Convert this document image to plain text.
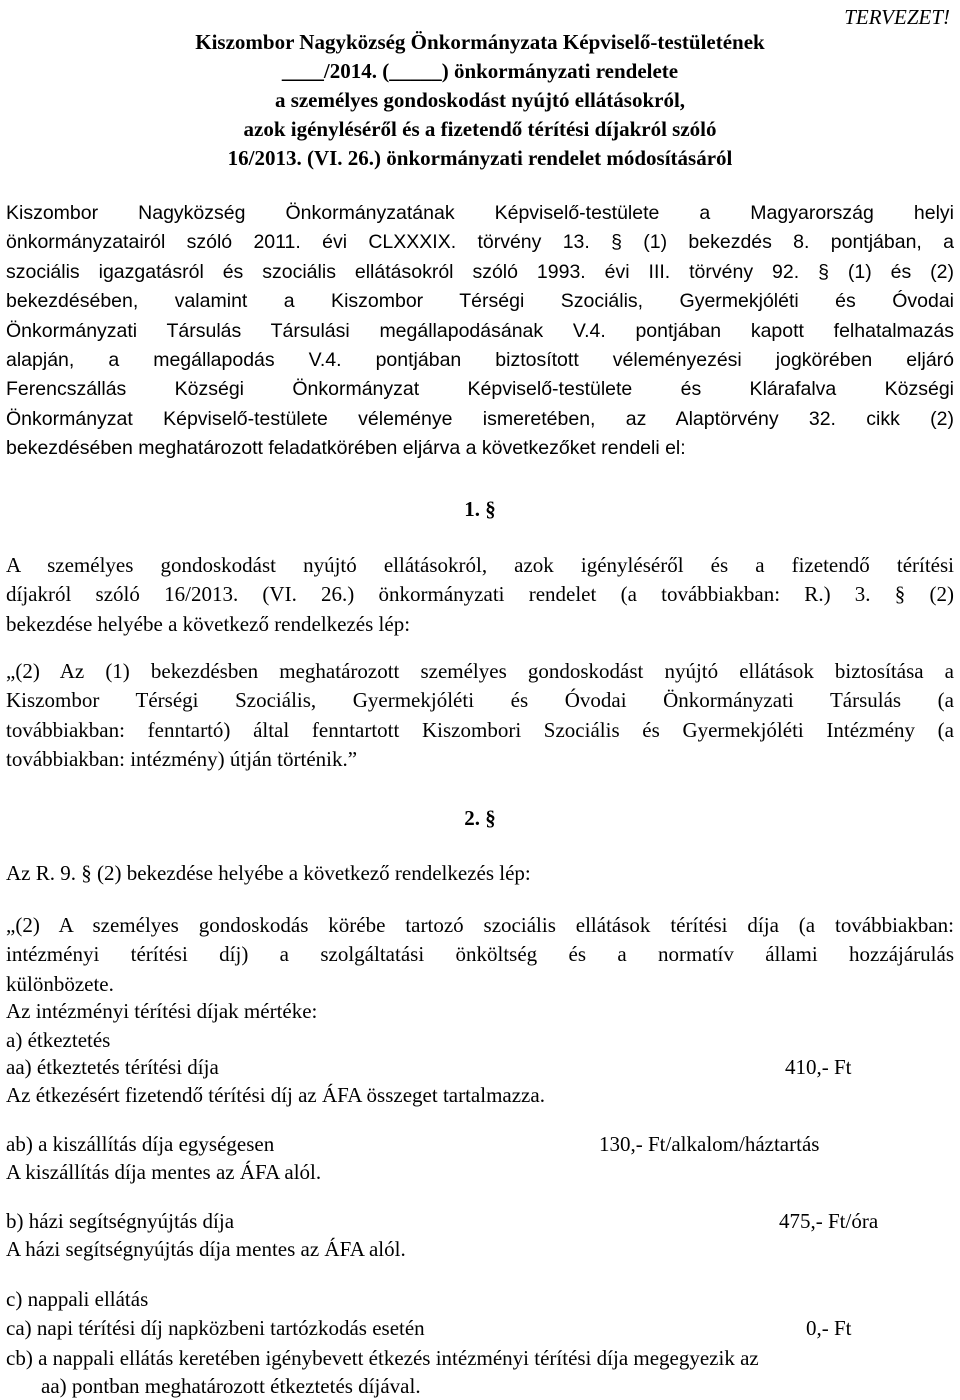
TERVEZET!
Kiszombor Nagyközség Önkormányzata Képviselő-testületének
____/2014. (_____) önkormányzati rendelete
a személyes gondoskodást nyújtó ellátásokról,
azok igényléséről és a fizetendő térítési díjakról szóló
16/2013. (VI. 26.) önkormányzati rendelet módosításáról
Kiszombor Nagyközség Önkormányzatának Képviselő-testülete a Magyarország helyi
önkormányzatairól szóló 2011. évi CLXXXIX. törvény 13. § (1) bekezdés 8. pontjában, a
szociális igazgatásról és szociális ellátásokról szóló 1993. évi III. törvény 92. § (1) és (2)
bekezdésében, valamint a Kiszombor Térségi Szociális, Gyermekjóléti és Óvodai
Önkormányzati Társulás Társulási megállapodásának V.4. pontjában kapott felhatalmazás
alapján, a megállapodás V.4. pontjában biztosított véleményezési jogkörében eljáró
Ferencszállás Községi Önkormányzat Képviselő-testülete és Klárafalva Községi
Önkormányzat Képviselő-testülete véleménye ismeretében, az Alaptörvény 32. cikk (2)
bekezdésében meghatározott feladatkörében eljárva a következőket rendeli el:
1. §
A személyes gondoskodást nyújtó ellátásokról, azok igényléséről és a fizetendő térítési
díjakról szóló 16/2013. (VI. 26.) önkormányzati rendelet (a továbbiakban: R.) 3. § (2)
bekezdése helyébe a következő rendelkezés lép:
„(2) Az (1) bekezdésben meghatározott személyes gondoskodást nyújtó ellátások biztosítása a
Kiszombor Térségi Szociális, Gyermekjóléti és Óvodai Önkormányzati Társulás (a
továbbiakban: fenntartó) által fenntartott Kiszombori Szociális és Gyermekjóléti Intézmény (a
továbbiakban: intézmény) útján történik.”
2. §
Az R. 9. § (2) bekezdése helyébe a következő rendelkezés lép:
„(2) A személyes gondoskodás körébe tartozó szociális ellátások térítési díja (a továbbiakban:
intézményi térítési díj) a szolgáltatási önköltség és a normatív állami hozzájárulás
különbözete.
Az intézményi térítési díjak mértéke:
a) étkeztetés
aa) étkeztetés térítési díja	410,- Ft
Az étkezésért fizetendő térítési díj az ÁFA összeget tartalmazza.
ab) a kiszállítás díja egységesen	130,- Ft/alkalom/háztartás
A kiszállítás díja mentes az ÁFA alól.
b) házi segítségnyújtás díja	475,- Ft/óra
A házi segítségnyújtás díja mentes az ÁFA alól.
c) nappali ellátás
ca) napi térítési díj napközbeni tartózkodás esetén	0,- Ft
cb) a nappali ellátás keretében igénybevett étkezés intézményi térítési díja megegyezik az
aa) pontban meghatározott étkeztetés díjával.
